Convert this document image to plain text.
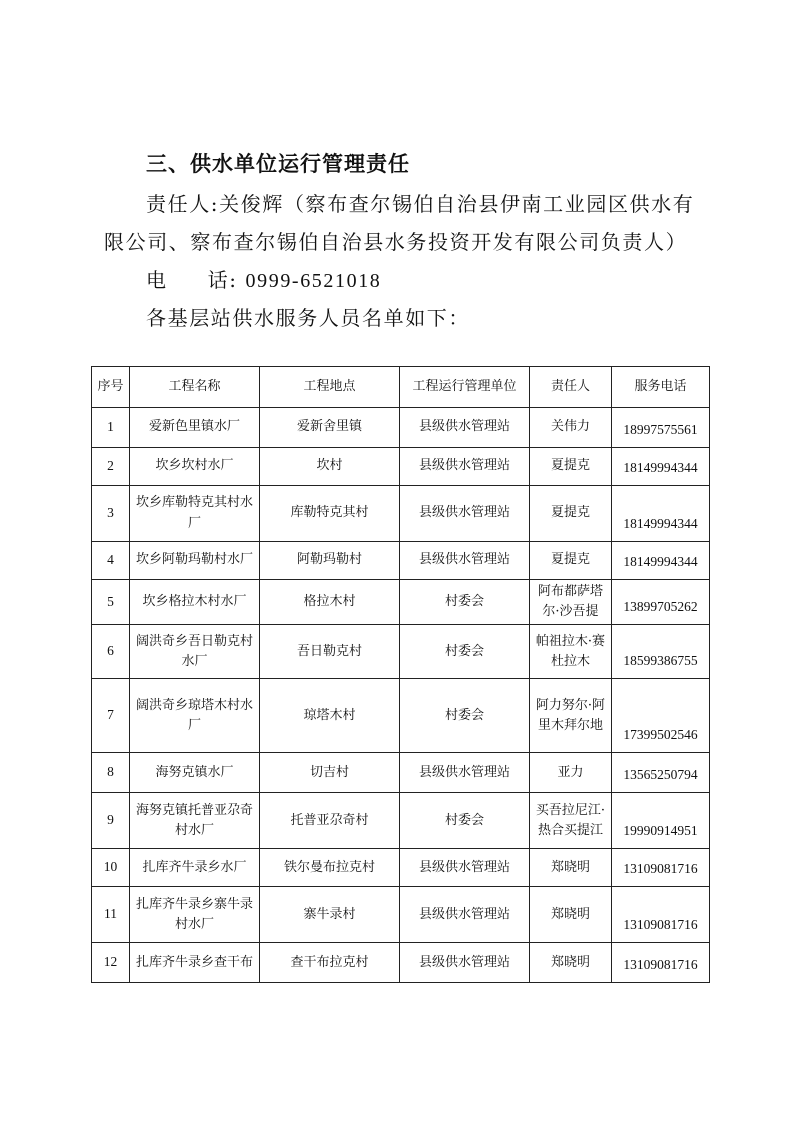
三、供水单位运行管理责任
责任人:关俊辉（察布查尔锡伯自治县伊南工业园区供水有
限公司、察布查尔锡伯自治县水务投资开发有限公司负责人）
电 话: 0999-6521018
各基层站供水服务人员名单如下：
序号	工程名称	工程地点	工程运行管理单位	责任人	服务电话
1	爱新色里镇水厂	爱新舍里镇	县级供水管理站	关伟力	18997575561
2	坎乡坎村水厂	坎村	县级供水管理站	夏提克	18149994344
3	坎乡库勒特克其村水厂	库勒特克其村	县级供水管理站	夏提克	18149994344
4	坎乡阿勒玛勒村水厂	阿勒玛勒村	县级供水管理站	夏提克	18149994344
5	坎乡格拉木村水厂	格拉木村	村委会	阿布都萨塔尔·沙吾提	13899705262
6	阔洪奇乡吾日勒克村水厂	吾日勒克村	村委会	帕祖拉木·赛杜拉木	18599386755
7	阔洪奇乡琼塔木村水厂	琼塔木村	村委会	阿力努尔·阿里木拜尔地	17399502546
8	海努克镇水厂	切吉村	县级供水管理站	亚力	13565250794
9	海努克镇托普亚尕奇村水厂	托普亚尕奇村	村委会	买吾拉尼江·热合买提江	19990914951
10	扎库齐牛录乡水厂	铁尔曼布拉克村	县级供水管理站	郑晓明	13109081716
11	扎库齐牛录乡寨牛录村水厂	寨牛录村	县级供水管理站	郑晓明	13109081716
12	扎库齐牛录乡查干布	查干布拉克村	县级供水管理站	郑晓明	13109081716
